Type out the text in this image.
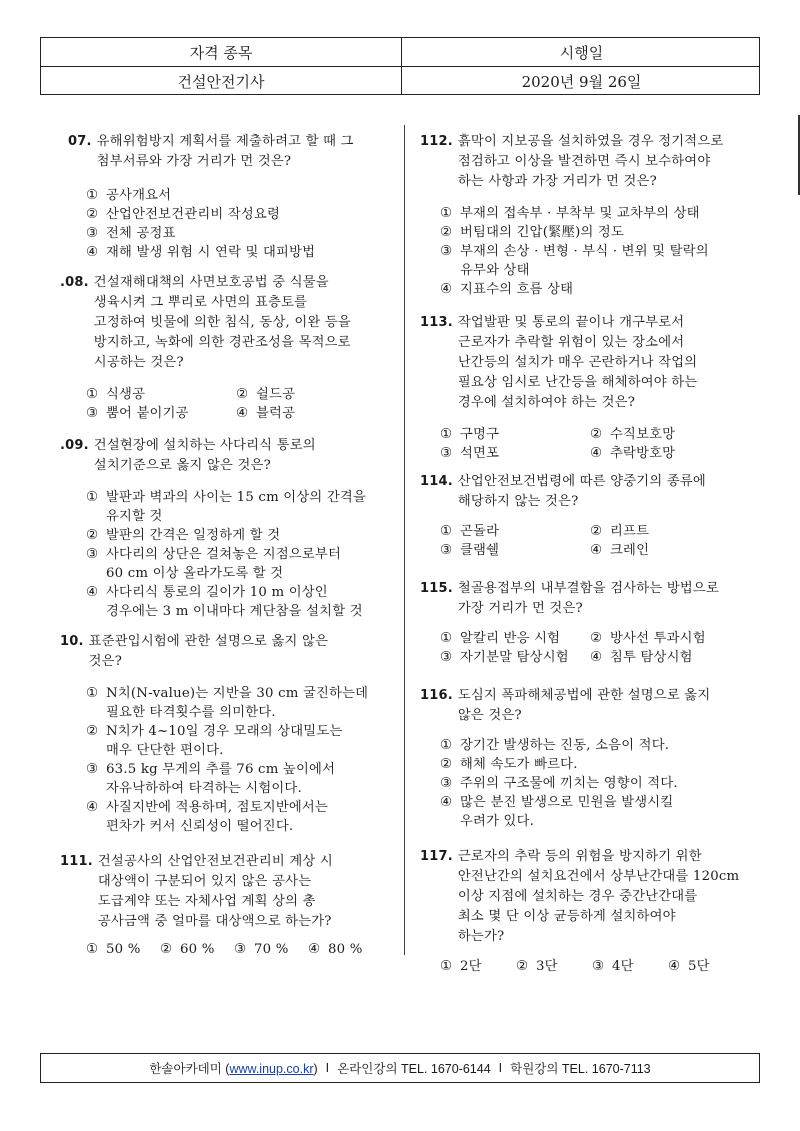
자격 종목	시행일
건설안전기사	2020년 9월 26일
07. 유해위험방지 계획서를 제출하려고 할 때 그
첨부서류와 가장 거리가 먼 것은?
① 공사개요서
② 산업안전보건관리비 작성요령
③ 전체 공정표
④ 재해 발생 위험 시 연락 및 대피방법
.08. 건설재해대책의 사면보호공법 중 식물을
생육시켜 그 뿌리로 사면의 표층토를
고정하여 빗물에 의한 침식, 동상, 이완 등을
방지하고, 녹화에 의한 경관조성을 목적으로
시공하는 것은?
① 식생공	② 쉴드공
③ 뿜어 붙이기공	④ 블럭공
.09. 건설현장에 설치하는 사다리식 통로의
설치기준으로 옳지 않은 것은?
① 발판과 벽과의 사이는 15 cm 이상의 간격을
유지할 것
② 발판의 간격은 일정하게 할 것
③ 사다리의 상단은 걸쳐놓은 지점으로부터
60 cm 이상 올라가도록 할 것
④ 사다리식 통로의 길이가 10 m 이상인
경우에는 3 m 이내마다 계단참을 설치할 것
10. 표준관입시험에 관한 설명으로 옳지 않은
것은?
① N치(N-value)는 지반을 30 cm 굴진하는데
필요한 타격횟수를 의미한다.
② N치가 4~10일 경우 모래의 상대밀도는
매우 단단한 편이다.
③ 63.5 kg 무게의 추를 76 cm 높이에서
자유낙하하여 타격하는 시험이다.
④ 사질지반에 적용하며, 점토지반에서는
편차가 커서 신뢰성이 떨어진다.
111. 건설공사의 산업안전보건관리비 계상 시
대상액이 구분되어 있지 않은 공사는
도급계약 또는 자체사업 계획 상의 총
공사금액 중 얼마를 대상액으로 하는가?
① 50 %	② 60 %	③ 70 %	④ 80 %
112. 흙막이 지보공을 설치하였을 경우 정기적으로
점검하고 이상을 발견하면 즉시 보수하여야
하는 사항과 가장 거리가 먼 것은?
① 부재의 접속부 · 부착부 및 교차부의 상태
② 버팀대의 긴압(緊壓)의 정도
③ 부재의 손상 · 변형 · 부식 · 변위 및 탈락의
유무와 상태
④ 지표수의 흐름 상태
113. 작업발판 및 통로의 끝이나 개구부로서
근로자가 추락할 위험이 있는 장소에서
난간등의 설치가 매우 곤란하거나 작업의
필요상 임시로 난간등을 해체하여야 하는
경우에 설치하여야 하는 것은?
① 구명구	② 수직보호망
③ 석면포	④ 추락방호망
114. 산업안전보건법령에 따른 양중기의 종류에
해당하지 않는 것은?
① 곤돌라	② 리프트
③ 클램쉘	④ 크레인
115. 철골용접부의 내부결함을 검사하는 방법으로
가장 거리가 먼 것은?
① 알칼리 반응 시험	② 방사선 투과시험
③ 자기분말 탐상시험	④ 침투 탐상시험
116. 도심지 폭파해체공법에 관한 설명으로 옳지
않은 것은?
① 장기간 발생하는 진동, 소음이 적다.
② 해체 속도가 빠르다.
③ 주위의 구조물에 끼치는 영향이 적다.
④ 많은 분진 발생으로 민원을 발생시킬
우려가 있다.
117. 근로자의 추락 등의 위험을 방지하기 위한
안전난간의 설치요건에서 상부난간대를 120cm
이상 지점에 설치하는 경우 중간난간대를
최소 몇 단 이상 균등하게 설치하여야
하는가?
① 2단	② 3단	③ 4단	④ 5단
한솔아카데미 (www.inup.co.kr) I 온라인강의 TEL. 1670-6144 I 학원강의 TEL. 1670-7113
